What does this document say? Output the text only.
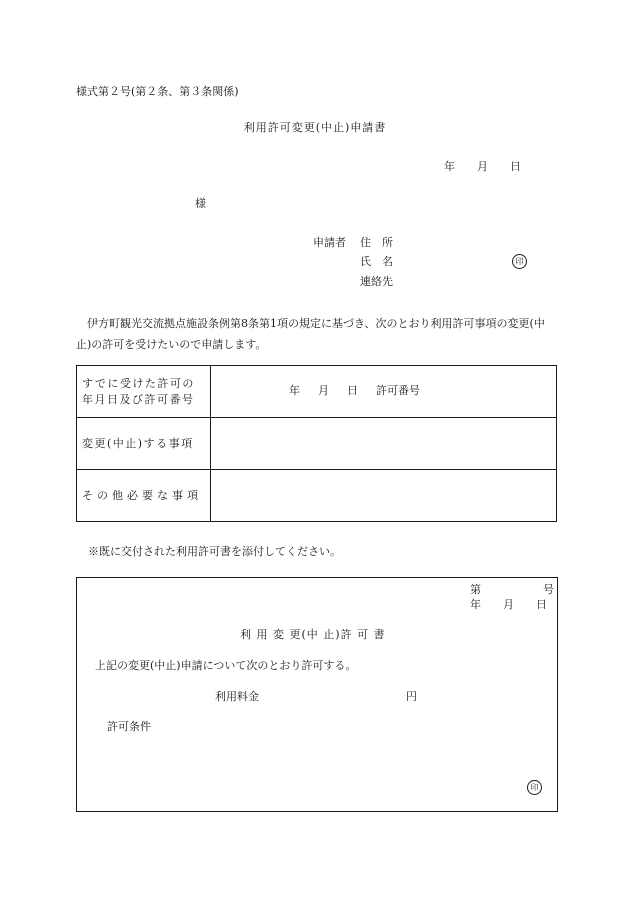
様式第２号(第２条、第３条関係)
利用許可変更(中止)申請書
年 月 日
様
申請者 住　所
氏　名
連絡先
印
伊方町観光交流拠点施設条例第8条第1項の規定に基づき、次のとおり利用許可事項の変更(中止)の許可を受けたいので申請します。
すでに受けた許可の
年月日及び許可番号	年 月 日 許可番号
変更(中止)する事項	
その他必要な事項	
※既に交付された利用許可書を添付してください。
第	号
年 月 日
利 用 変 更(中 止)許 可 書
上記の変更(中止)申請について次のとおり許可する。
利用料金	円
許可条件
印
